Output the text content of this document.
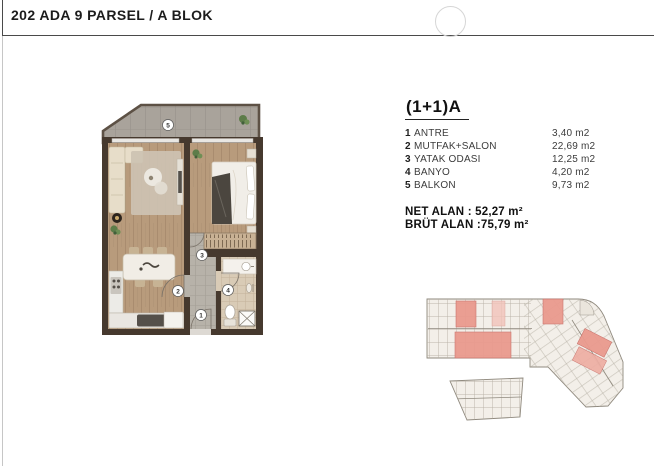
202 ADA 9 PARSEL / A BLOK
1
2
3
4
5
(1+1)A
1 ANTRE	3,40 m2
2 MUTFAK+SALON	22,69 m2
3 YATAK ODASI	12,25 m2
4 BANYO	4,20 m2
5 BALKON	9,73 m2
NET ALAN : 52,27 m²
BRÜT ALAN :75,79 m²
